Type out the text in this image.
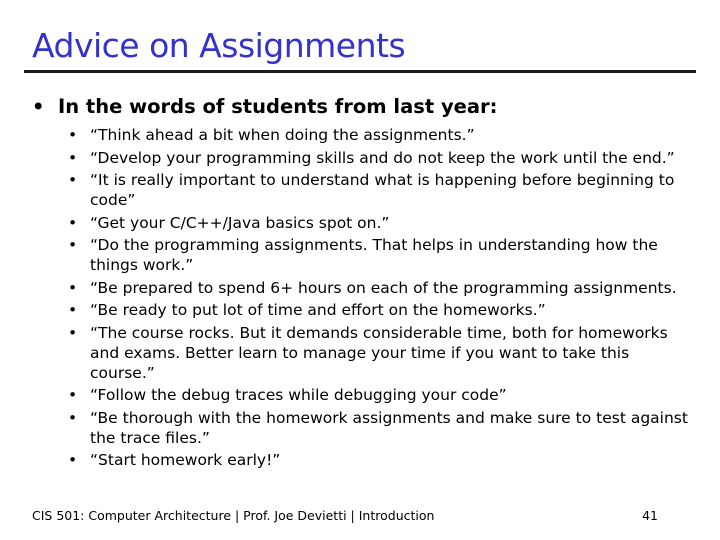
Advice on Assignments
• In the words of students from last year:
• “Think ahead a bit when doing the assignments.”
• “Develop your programming skills and do not keep the work until the end.”
• “It is really important to understand what is happening before beginning to code”
• “Get your C/C++/Java basics spot on.”
• “Do the programming assignments. That helps in understanding how the things work.”
• “Be prepared to spend 6+ hours on each of the programming assignments.
• “Be ready to put lot of time and effort on the homeworks.”
• “The course rocks. But it demands considerable time, both for homeworks and exams. Better learn to manage your time if you want to take this course.”
• “Follow the debug traces while debugging your code”
• “Be thorough with the homework assignments and make sure to test against the trace files.”
• “Start homework early!”
CIS 501: Computer Architecture | Prof. Joe Devietti | Introduction	41
